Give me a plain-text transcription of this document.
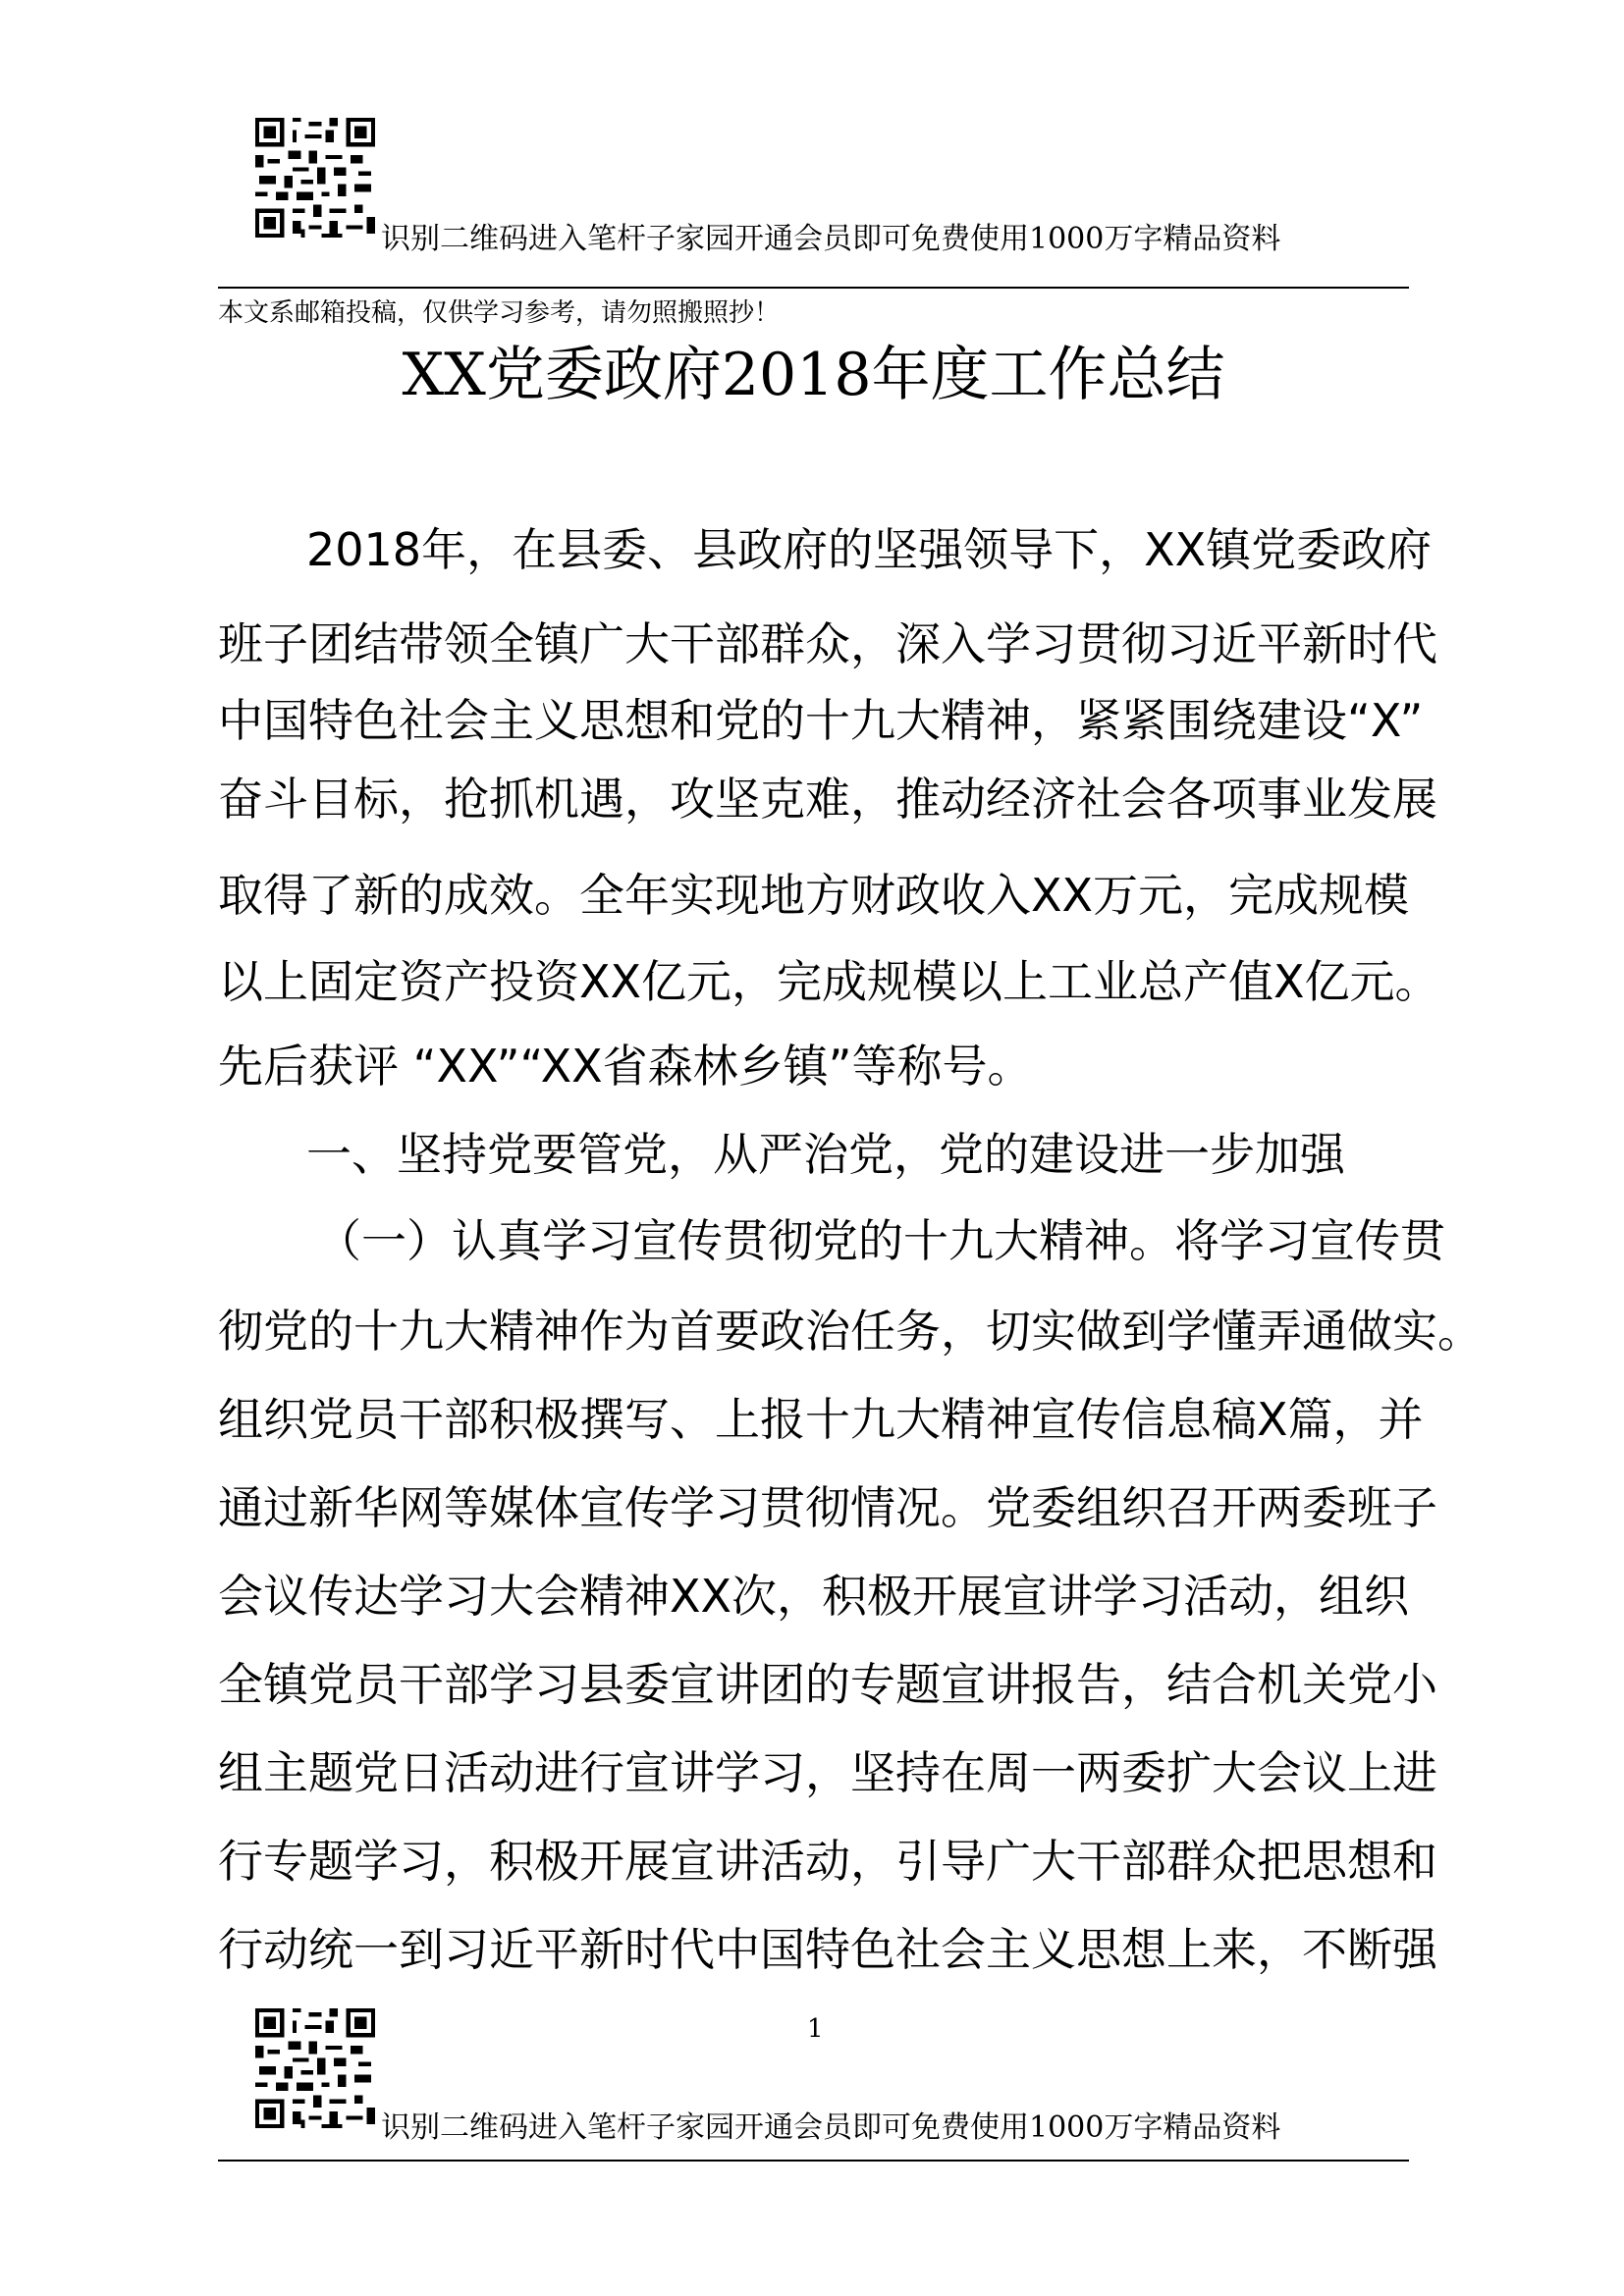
识别二维码进入笔杆子家园开通会员即可免费使用1000万字精品资料
本文系邮箱投稿，仅供学习参考，请勿照搬照抄！
XX党委政府2018年度工作总结
2018年，在县委、县政府的坚强领导下，XX镇党委政府
班子团结带领全镇广大干部群众，深入学习贯彻习近平新时代
中国特色社会主义思想和党的十九大精神，紧紧围绕建设“X”
奋斗目标，抢抓机遇，攻坚克难，推动经济社会各项事业发展
取得了新的成效。全年实现地方财政收入XX万元，完成规模
以上固定资产投资XX亿元，完成规模以上工业总产值X亿元。
先后获评 “XX”“XX省森林乡镇”等称号。
一、坚持党要管党，从严治党，党的建设进一步加强
（一）认真学习宣传贯彻党的十九大精神。将学习宣传贯
彻党的十九大精神作为首要政治任务，切实做到学懂弄通做实。
组织党员干部积极撰写、上报十九大精神宣传信息稿X篇，并
通过新华网等媒体宣传学习贯彻情况。党委组织召开两委班子
会议传达学习大会精神XX次，积极开展宣讲学习活动，组织
全镇党员干部学习县委宣讲团的专题宣讲报告，结合机关党小
组主题党日活动进行宣讲学习，坚持在周一两委扩大会议上进
行专题学习，积极开展宣讲活动，引导广大干部群众把思想和
行动统一到习近平新时代中国特色社会主义思想上来，不断强
1
识别二维码进入笔杆子家园开通会员即可免费使用1000万字精品资料
